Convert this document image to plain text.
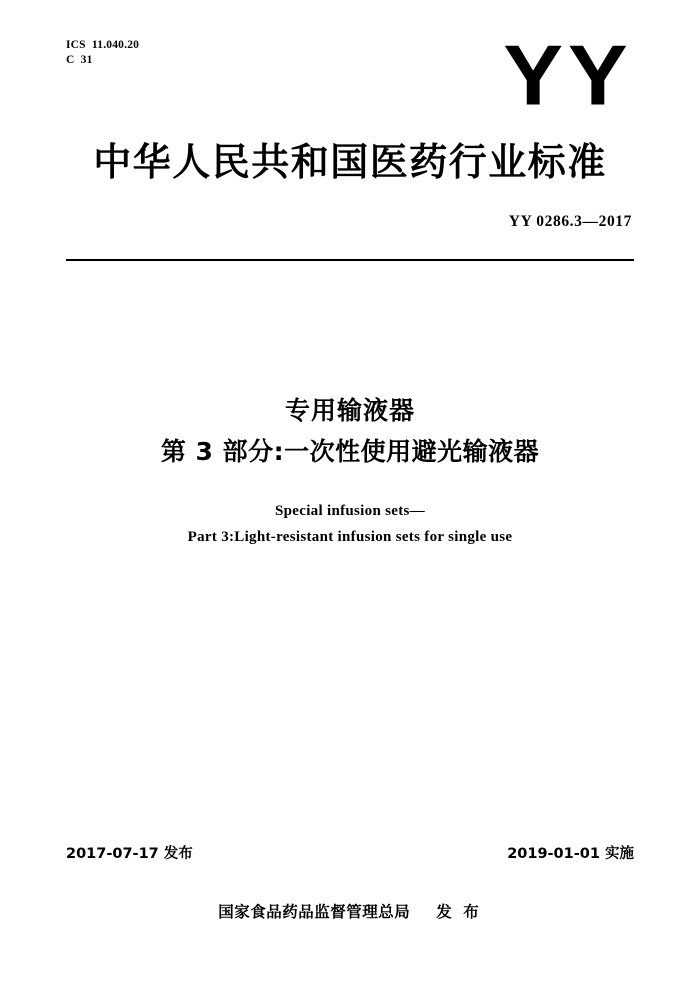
ICS  11.040.20
C  31	YY
中华人民共和国医药行业标准
YY 0286.3—2017
专用输液器
第 3 部分:一次性使用避光输液器
Special infusion sets—
Part 3:Light-resistant infusion sets for single use
2017-07-17 发布	2019-01-01 实施
国家食品药品监督管理总局 发 布
